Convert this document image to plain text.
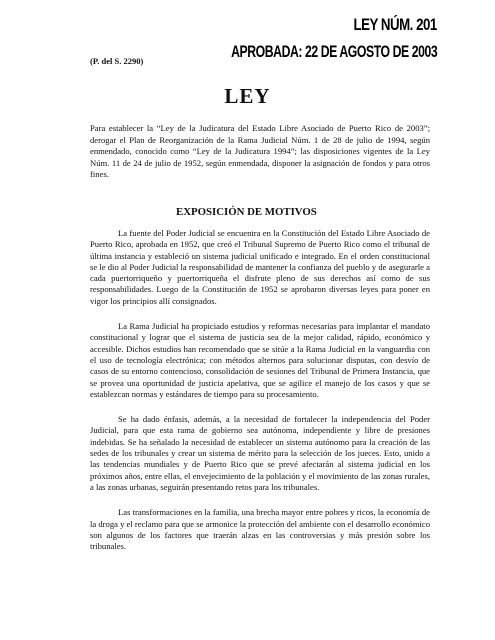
LEY NÚM. 201
APROBADA: 22 DE AGOSTO DE 2003
(P. del S. 2290)
LEY
Para establecer la “Ley de la Judicatura del Estado Libre Asociado de Puerto Rico de 2003”; derogar el Plan de Reorganización de la Rama Judicial Núm. 1 de 28 de julio de 1994, según enmendado, conocido como “Ley de la Judicatura 1994”; las disposiciones vigentes de la Ley Núm. 11 de 24 de julio de 1952, según enmendada, disponer la asignación de fondos y para otros fines.
EXPOSICIÓN DE MOTIVOS

La fuente del Poder Judicial se encuentra en la Constitución del Estado Libre Asociado de Puerto Rico, aprobada en 1952, que creó el Tribunal Supremo de Puerto Rico como el tribunal de última instancia y estableció un sistema judicial unificado e integrado. En el orden constitucional se le dio al Poder Judicial la responsabilidad de mantener la confianza del pueblo y de asegurarle a cada puertorriqueño y puertorriqueña el disfrute pleno de sus derechos así como de sus responsabilidades. Luego de la Constitución de 1952 se aprobaron diversas leyes para poner en vigor los principios allí consignados.

La Rama Judicial ha propiciado estudios y reformas necesarias para implantar el mandato constitucional y lograr que el sistema de justicia sea de la mejor calidad, rápido, económico y accesible. Dichos estudios han recomendado que se sitúe a la Rama Judicial en la vanguardia con el uso de tecnología electrónica; con métodos alternos para solucionar disputas, con desvío de casos de su entorno contencioso, consolidación de sesiones del Tribunal de Primera Instancia, que se provea una oportunidad de justicia apelativa, que se agilice el manejo de los casos y que se establezcan normas y estándares de tiempo para su procesamiento.

Se ha dado énfasis, además, a la necesidad de fortalecer la independencia del Poder Judicial, para que esta rama de gobierno sea autónoma, independiente y libre de presiones indebidas. Se ha señalado la necesidad de establecer un sistema autónomo para la creación de las sedes de los tribunales y crear un sistema de mérito para la selección de los jueces. Esto, unido a las tendencias mundiales y de Puerto Rico que se prevé afectarán al sistema judicial en los próximos años, entre ellas, el envejecimiento de la población y el movimiento de las zonas rurales, a las zonas urbanas, seguirán presentando retos para los tribunales.

Las transformaciones en la familia, una brecha mayor entre pobres y ricos, la economía de la droga y el reclamo para que se armonice la protección del ambiente con el desarrollo económico son algunos de los factores que traerán alzas en las controversias y más presión sobre los tribunales.
